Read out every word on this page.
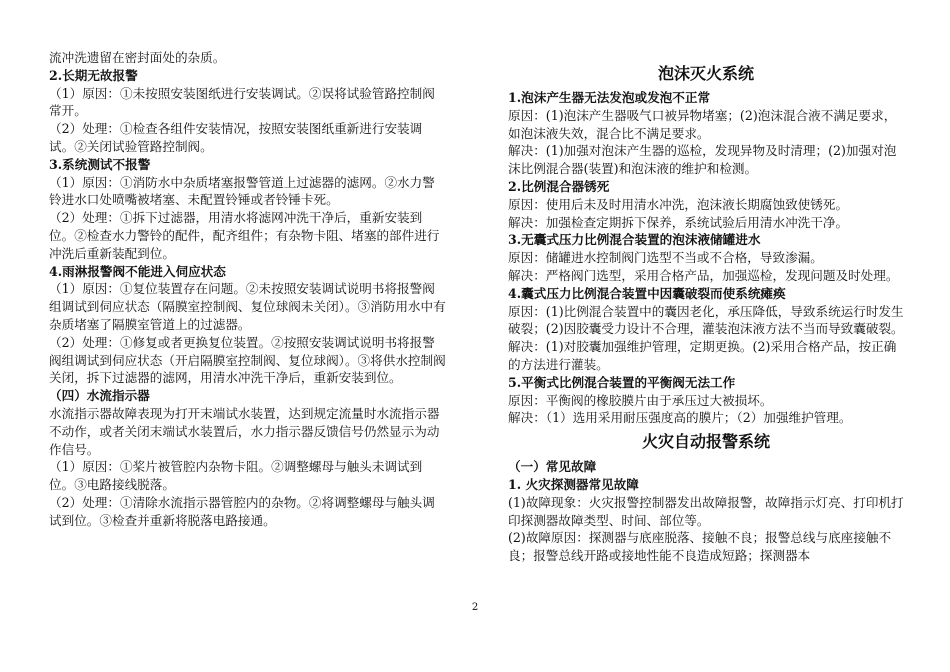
流冲洗遗留在密封面处的杂质。

2.长期无故报警

（1）原因：①未按照安装图纸进行安装调试。②误将试验管路控制阀常开。

（2）处理：①检查各组件安装情况，按照安装图纸重新进行安装调试。②关闭试验管路控制阀。

3.系统测试不报警

（1）原因：①消防水中杂质堵塞报警管道上过滤器的滤网。②水力警铃进水口处喷嘴被堵塞、未配置铃锤或者铃锤卡死。

（2）处理：①拆下过滤器，用清水将滤网冲洗干净后，重新安装到位。②检查水力警铃的配件，配齐组件；有杂物卡阻、堵塞的部件进行冲洗后重新装配到位。

4.雨淋报警阀不能进入伺应状态

（1）原因：①复位装置存在问题。②未按照安装调试说明书将报警阀组调试到伺应状态（隔膜室控制阀、复位球阀未关闭）。③消防用水中有杂质堵塞了隔膜室管道上的过滤器。

（2）处理：①修复或者更换复位装置。②按照安装调试说明书将报警阀组调试到伺应状态（开启隔膜室控制阀、复位球阀）。③将供水控制阀关闭，拆下过滤器的滤网，用清水冲洗干净后，重新安装到位。

（四）水流指示器

水流指示器故障表现为打开末端试水装置，达到规定流量时水流指示器不动作，或者关闭末端试水装置后，水力指示器反馈信号仍然显示为动作信号。

（1）原因：①桨片被管腔内杂物卡阻。②调整螺母与触头未调试到位。③电路接线脱落。

（2）处理：①清除水流指示器管腔内的杂物。②将调整螺母与触头调试到位。③检查并重新将脱落电路接通。

泡沫灭火系统

1.泡沫产生器无法发泡或发泡不正常

原因：(1)泡沫产生器吸气口被异物堵塞；(2)泡沫混合液不满足要求，如泡沫液失效，混合比不满足要求。

解决：(1)加强对泡沫产生器的巡检，发现异物及时清理；(2)加强对泡沫比例混合器(装置)和泡沫液的维护和检测。

2.比例混合器锈死

原因：使用后未及时用清水冲洗，泡沫液长期腐蚀致使锈死。

解决：加强检查定期拆下保养，系统试验后用清水冲洗干净。

3.无囊式压力比例混合装置的泡沫液储罐进水

原因：储罐进水控制阀门选型不当或不合格，导致渗漏。

解决：严格阀门选型，采用合格产品，加强巡检，发现问题及时处理。

4.囊式压力比例混合装置中因囊破裂而使系统瘫痪

原因：(1)比例混合装置中的囊因老化，承压降低，导致系统运行时发生破裂；(2)因胶囊受力设计不合理，灌装泡沫液方法不当而导致囊破裂。

解决：(1)对胶囊加强维护管理，定期更换。(2)采用合格产品，按正确的方法进行灌装。

5.平衡式比例混合装置的平衡阀无法工作

原因：平衡阀的橡胶膜片由于承压过大被损坏。

解决：（1）选用采用耐压强度高的膜片；（2）加强维护管理。

火灾自动报警系统

（一）常见故障

1. 火灾探测器常见故障

(1)故障现象：火灾报警控制器发出故障报警，故障指示灯亮、打印机打印探测器故障类型、时间、部位等。

(2)故障原因：探测器与底座脱落、接触不良；报警总线与底座接触不良；报警总线开路或接地性能不良造成短路；探测器本

2
